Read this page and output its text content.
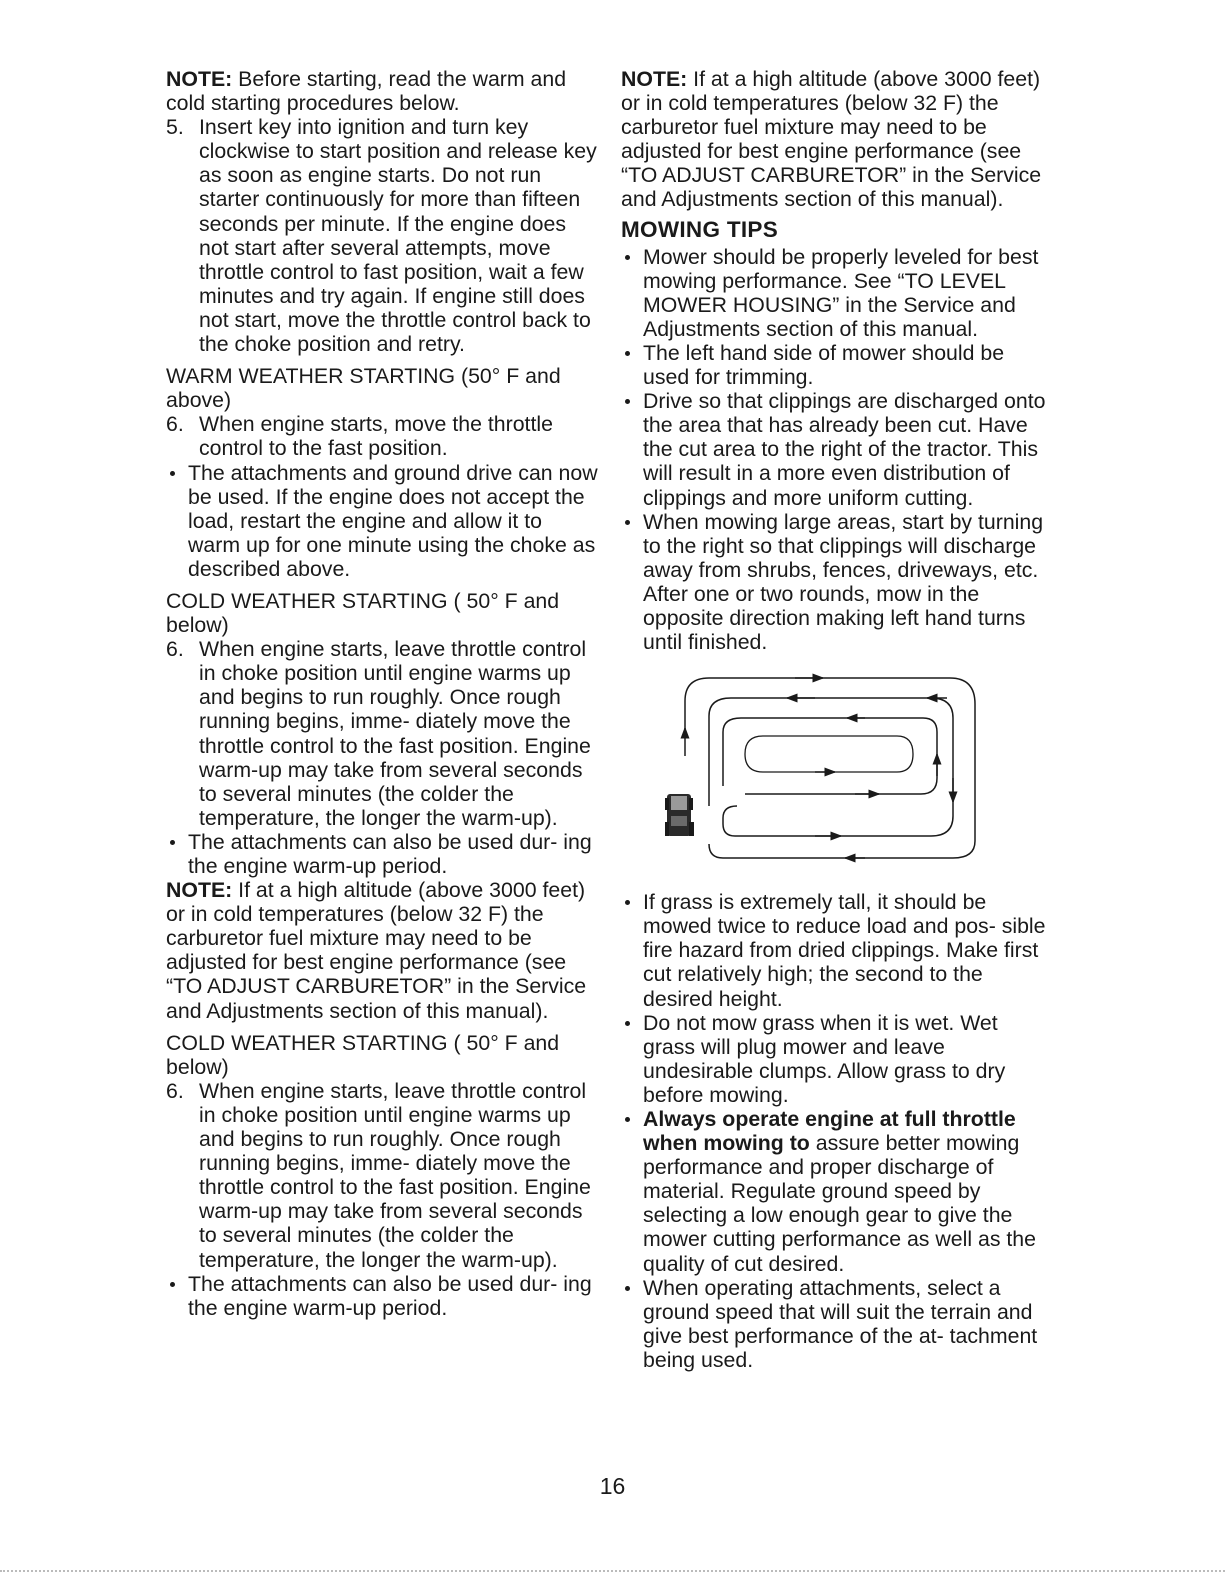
NOTE: Before starting, read the warm and cold starting procedures below.

5. Insert key into ignition and turn key clockwise to start position and release key as soon as engine starts. Do not run starter continuously for more than fifteen seconds per minute. If the engine does not start after several attempts, move throttle control to fast position, wait a few minutes and try again. If engine still does not start, move the throttle control back to the choke position and retry.

WARM WEATHER STARTING (50° F and above)

6. When engine starts, move the throttle control to the fast position.

The attachments and ground drive can now be used. If the engine does not accept the load, restart the engine and allow it to warm up for one minute using the choke as described above.

COLD WEATHER STARTING ( 50° F and below)

6. When engine starts, leave throttle control in choke position until engine warms up and begins to run roughly. Once rough running begins, imme- diately move the throttle control to the fast position. Engine warm-up may take from several seconds to several minutes (the colder the temperature, the longer the warm-up).

The attachments can also be used dur- ing the engine warm-up period.

NOTE: If at a high altitude (above 3000 feet) or in cold temperatures (below 32 F) the carburetor fuel mixture may need to be adjusted for best engine performance (see “TO ADJUST CARBURETOR” in the Service and Adjustments section of this manual).

COLD WEATHER STARTING ( 50° F and below)

6. When engine starts, leave throttle control in choke position until engine warms up and begins to run roughly. Once rough running begins, imme- diately move the throttle control to the fast position. Engine warm-up may take from several seconds to several minutes (the colder the temperature, the longer the warm-up).

The attachments can also be used dur- ing the engine warm-up period.

NOTE: If at a high altitude (above 3000 feet) or in cold temperatures (below 32 F) the carburetor fuel mixture may need to be adjusted for best engine performance (see “TO ADJUST CARBURETOR” in the Service and Adjustments section of this manual).

MOWING TIPS

Mower should be properly leveled for best mowing performance. See “TO LEVEL MOWER HOUSING” in the Service and Adjustments section of this manual.

The left hand side of mower should be used for trimming.

Drive so that clippings are discharged onto the area that has already been cut. Have the cut area to the right of the tractor. This will result in a more even distribution of clippings and more uniform cutting.

When mowing large areas, start by turning to the right so that clippings will discharge away from shrubs, fences, driveways, etc. After one or two rounds, mow in the opposite direction making left hand turns until finished.

If grass is extremely tall, it should be mowed twice to reduce load and pos- sible fire hazard from dried clippings. Make first cut relatively high; the second to the desired height.

Do not mow grass when it is wet. Wet grass will plug mower and leave undesirable clumps. Allow grass to dry before mowing.

Always operate engine at full throttle when mowing to assure better mowing performance and proper discharge of material. Regulate ground speed by selecting a low enough gear to give the mower cutting performance as well as the quality of cut desired.

When operating attachments, select a ground speed that will suit the terrain and give best performance of the at- tachment being used.

16
